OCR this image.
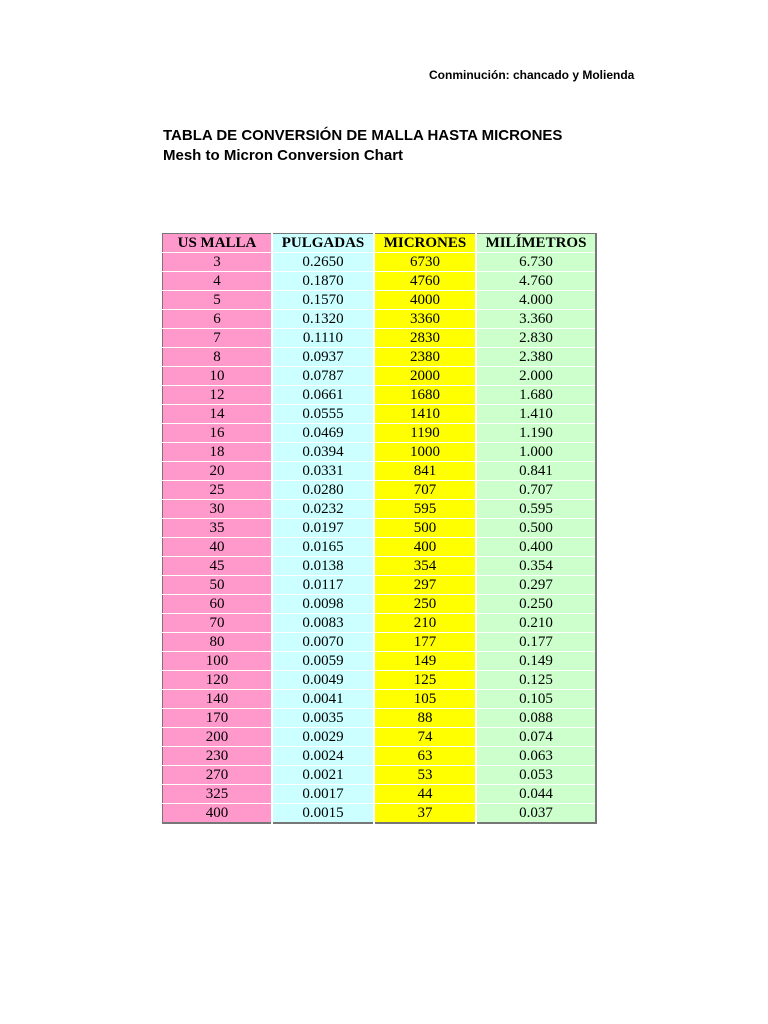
Conminución: chancado y Molienda

TABLA DE CONVERSIÓN DE MALLA HASTA MICRONES

Mesh to Micron Conversion Chart

US MALLA	PULGADAS	MICRONES	MILÍMETROS
3	0.2650	6730	6.730
4	0.1870	4760	4.760
5	0.1570	4000	4.000
6	0.1320	3360	3.360
7	0.1110	2830	2.830
8	0.0937	2380	2.380
10	0.0787	2000	2.000
12	0.0661	1680	1.680
14	0.0555	1410	1.410
16	0.0469	1190	1.190
18	0.0394	1000	1.000
20	0.0331	841	0.841
25	0.0280	707	0.707
30	0.0232	595	0.595
35	0.0197	500	0.500
40	0.0165	400	0.400
45	0.0138	354	0.354
50	0.0117	297	0.297
60	0.0098	250	0.250
70	0.0083	210	0.210
80	0.0070	177	0.177
100	0.0059	149	0.149
120	0.0049	125	0.125
140	0.0041	105	0.105
170	0.0035	88	0.088
200	0.0029	74	0.074
230	0.0024	63	0.063
270	0.0021	53	0.053
325	0.0017	44	0.044
400	0.0015	37	0.037
